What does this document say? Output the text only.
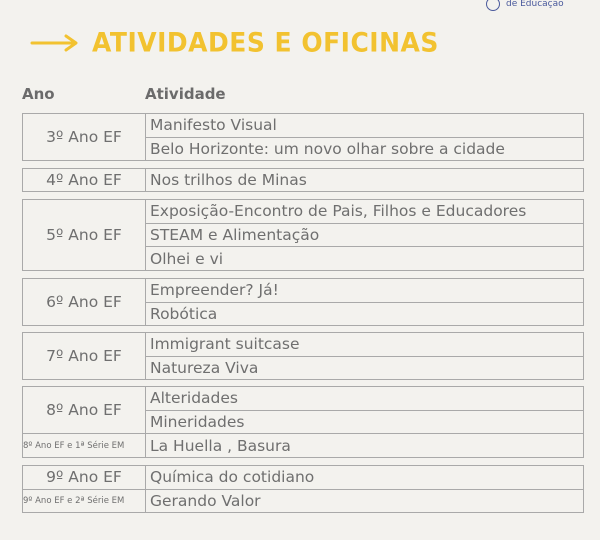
de Educação
ATIVIDADES E OFICINAS
Ano	Atividade
3º Ano EF
Manifesto Visual
Belo Horizonte: um novo olhar sobre a cidade
4º Ano EF	Nos trilhos de Minas
5º Ano EF
Exposição-Encontro de Pais, Filhos e Educadores
STEAM e Alimentação
Olhei e vi
6º Ano EF
Empreender? Já!
Robótica
7º Ano EF
Immigrant suitcase
Natureza Viva
8º Ano EF
8º Ano EF e 1ª Série EM
Alteridades
Mineridades
La Huella , Basura
9º Ano EF
9º Ano EF e 2ª Série EM
Química do cotidiano
Gerando Valor
